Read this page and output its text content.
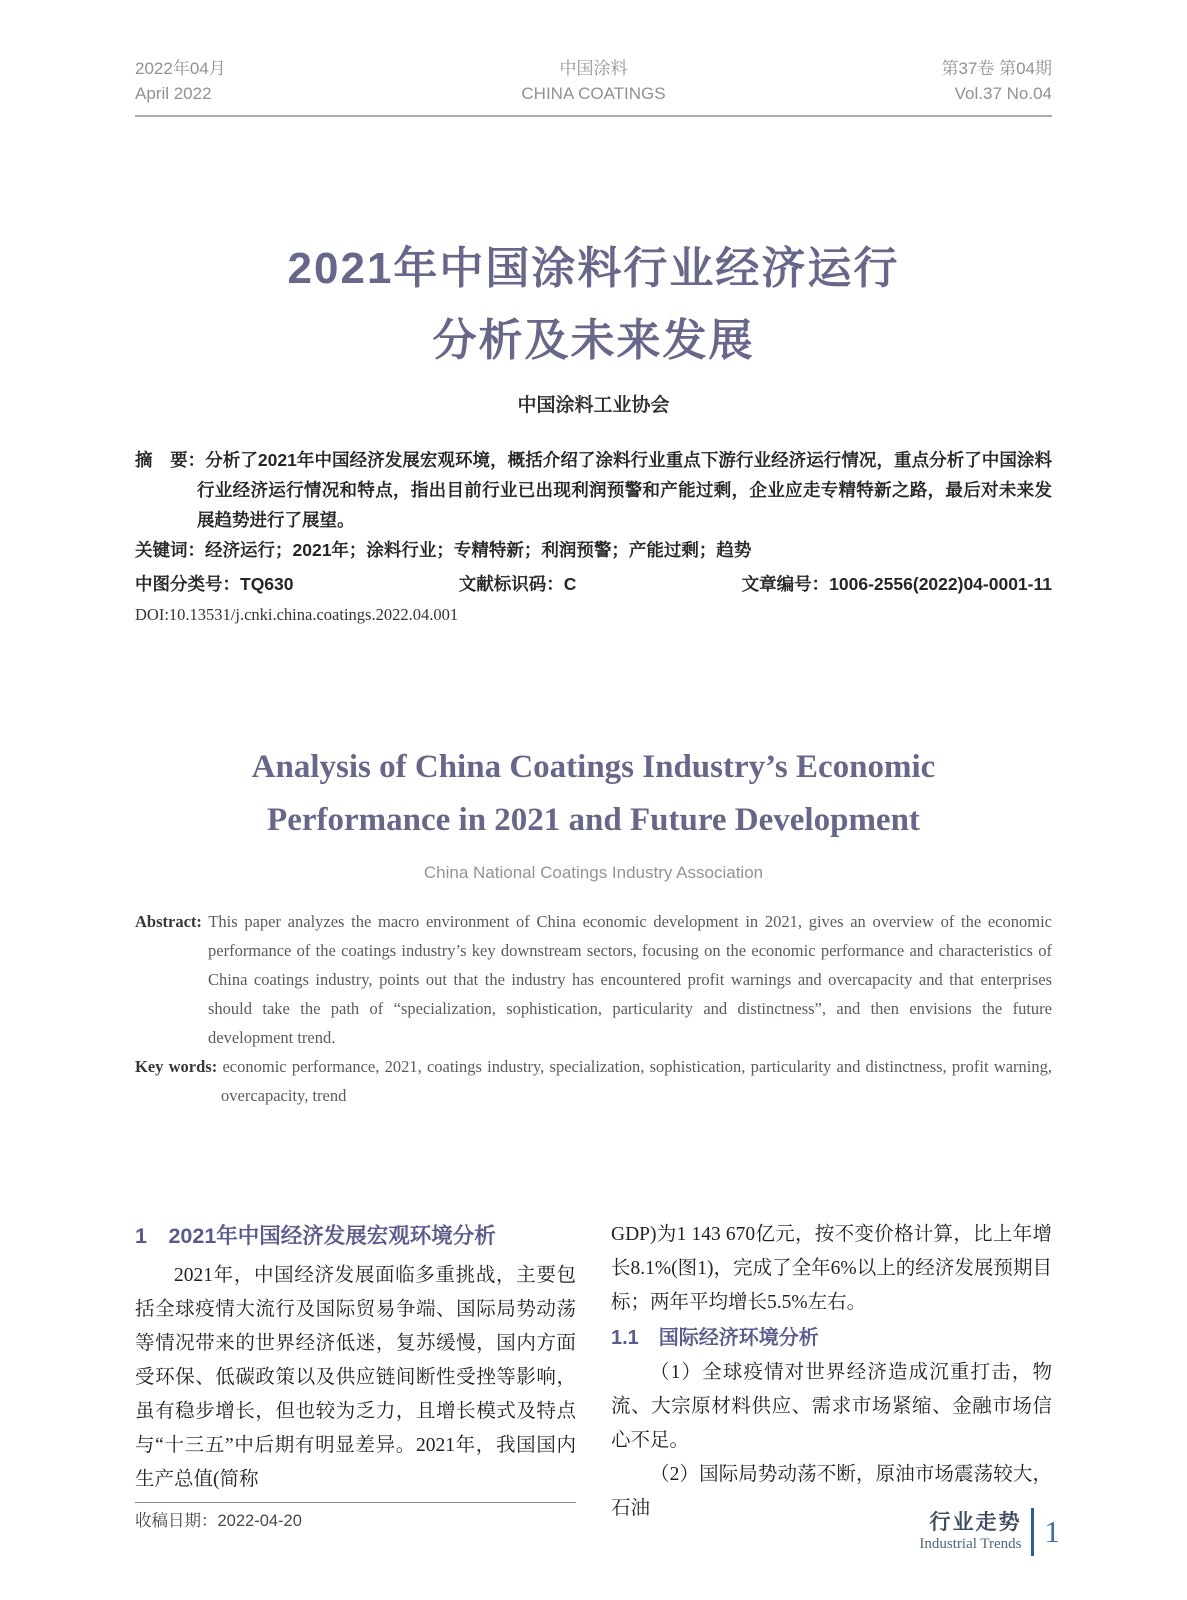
2022年04月
April 2022
中国涂料
CHINA COATINGS
第37卷 第04期
Vol.37 No.04
2021年中国涂料行业经济运行
分析及未来发展
中国涂料工业协会

摘　要：分析了2021年中国经济发展宏观环境，概括介绍了涂料行业重点下游行业经济运行情况，重点分析了中国涂料行业经济运行情况和特点，指出目前行业已出现利润预警和产能过剩，企业应走专精特新之路，最后对未来发展趋势进行了展望。

关键词：经济运行；2021年；涂料行业；专精特新；利润预警；产能过剩；趋势

中图分类号：TQ630	文献标识码：C	文章编号：1006-2556(2022)04-0001-11
DOI:10.13531/j.cnki.china.coatings.2022.04.001
Analysis of China Coatings Industry’s Economic
Performance in 2021 and Future Development
China National Coatings Industry Association

Abstract: This paper analyzes the macro environment of China economic development in 2021, gives an overview of the economic performance of the coatings industry’s key downstream sectors, focusing on the economic performance and characteristics of China coatings industry, points out that the industry has encountered profit warnings and overcapacity and that enterprises should take the path of “specialization, sophistication, particularity and distinctness”, and then envisions the future development trend.

Key words: economic performance, 2021, coatings industry, specialization, sophistication, particularity and distinctness, profit warning, overcapacity, trend

1　2021年中国经济发展宏观环境分析

2021年，中国经济发展面临多重挑战，主要包括全球疫情大流行及国际贸易争端、国际局势动荡等情况带来的世界经济低迷，复苏缓慢，国内方面受环保、低碳政策以及供应链间断性受挫等影响，虽有稳步增长，但也较为乏力，且增长模式及特点与“十三五”中后期有明显差异。2021年，我国国内生产总值(简称

收稿日期：2022-04-20

GDP)为1 143 670亿元，按不变价格计算，比上年增长8.1%(图1)，完成了全年6%以上的经济发展预期目标；两年平均增长5.5%左右。

1.1　国际经济环境分析

（1）全球疫情对世界经济造成沉重打击，物流、大宗原材料供应、需求市场紧缩、金融市场信心不足。

（2）国际局势动荡不断，原油市场震荡较大，石油

行业走势
Industrial Trends 1
